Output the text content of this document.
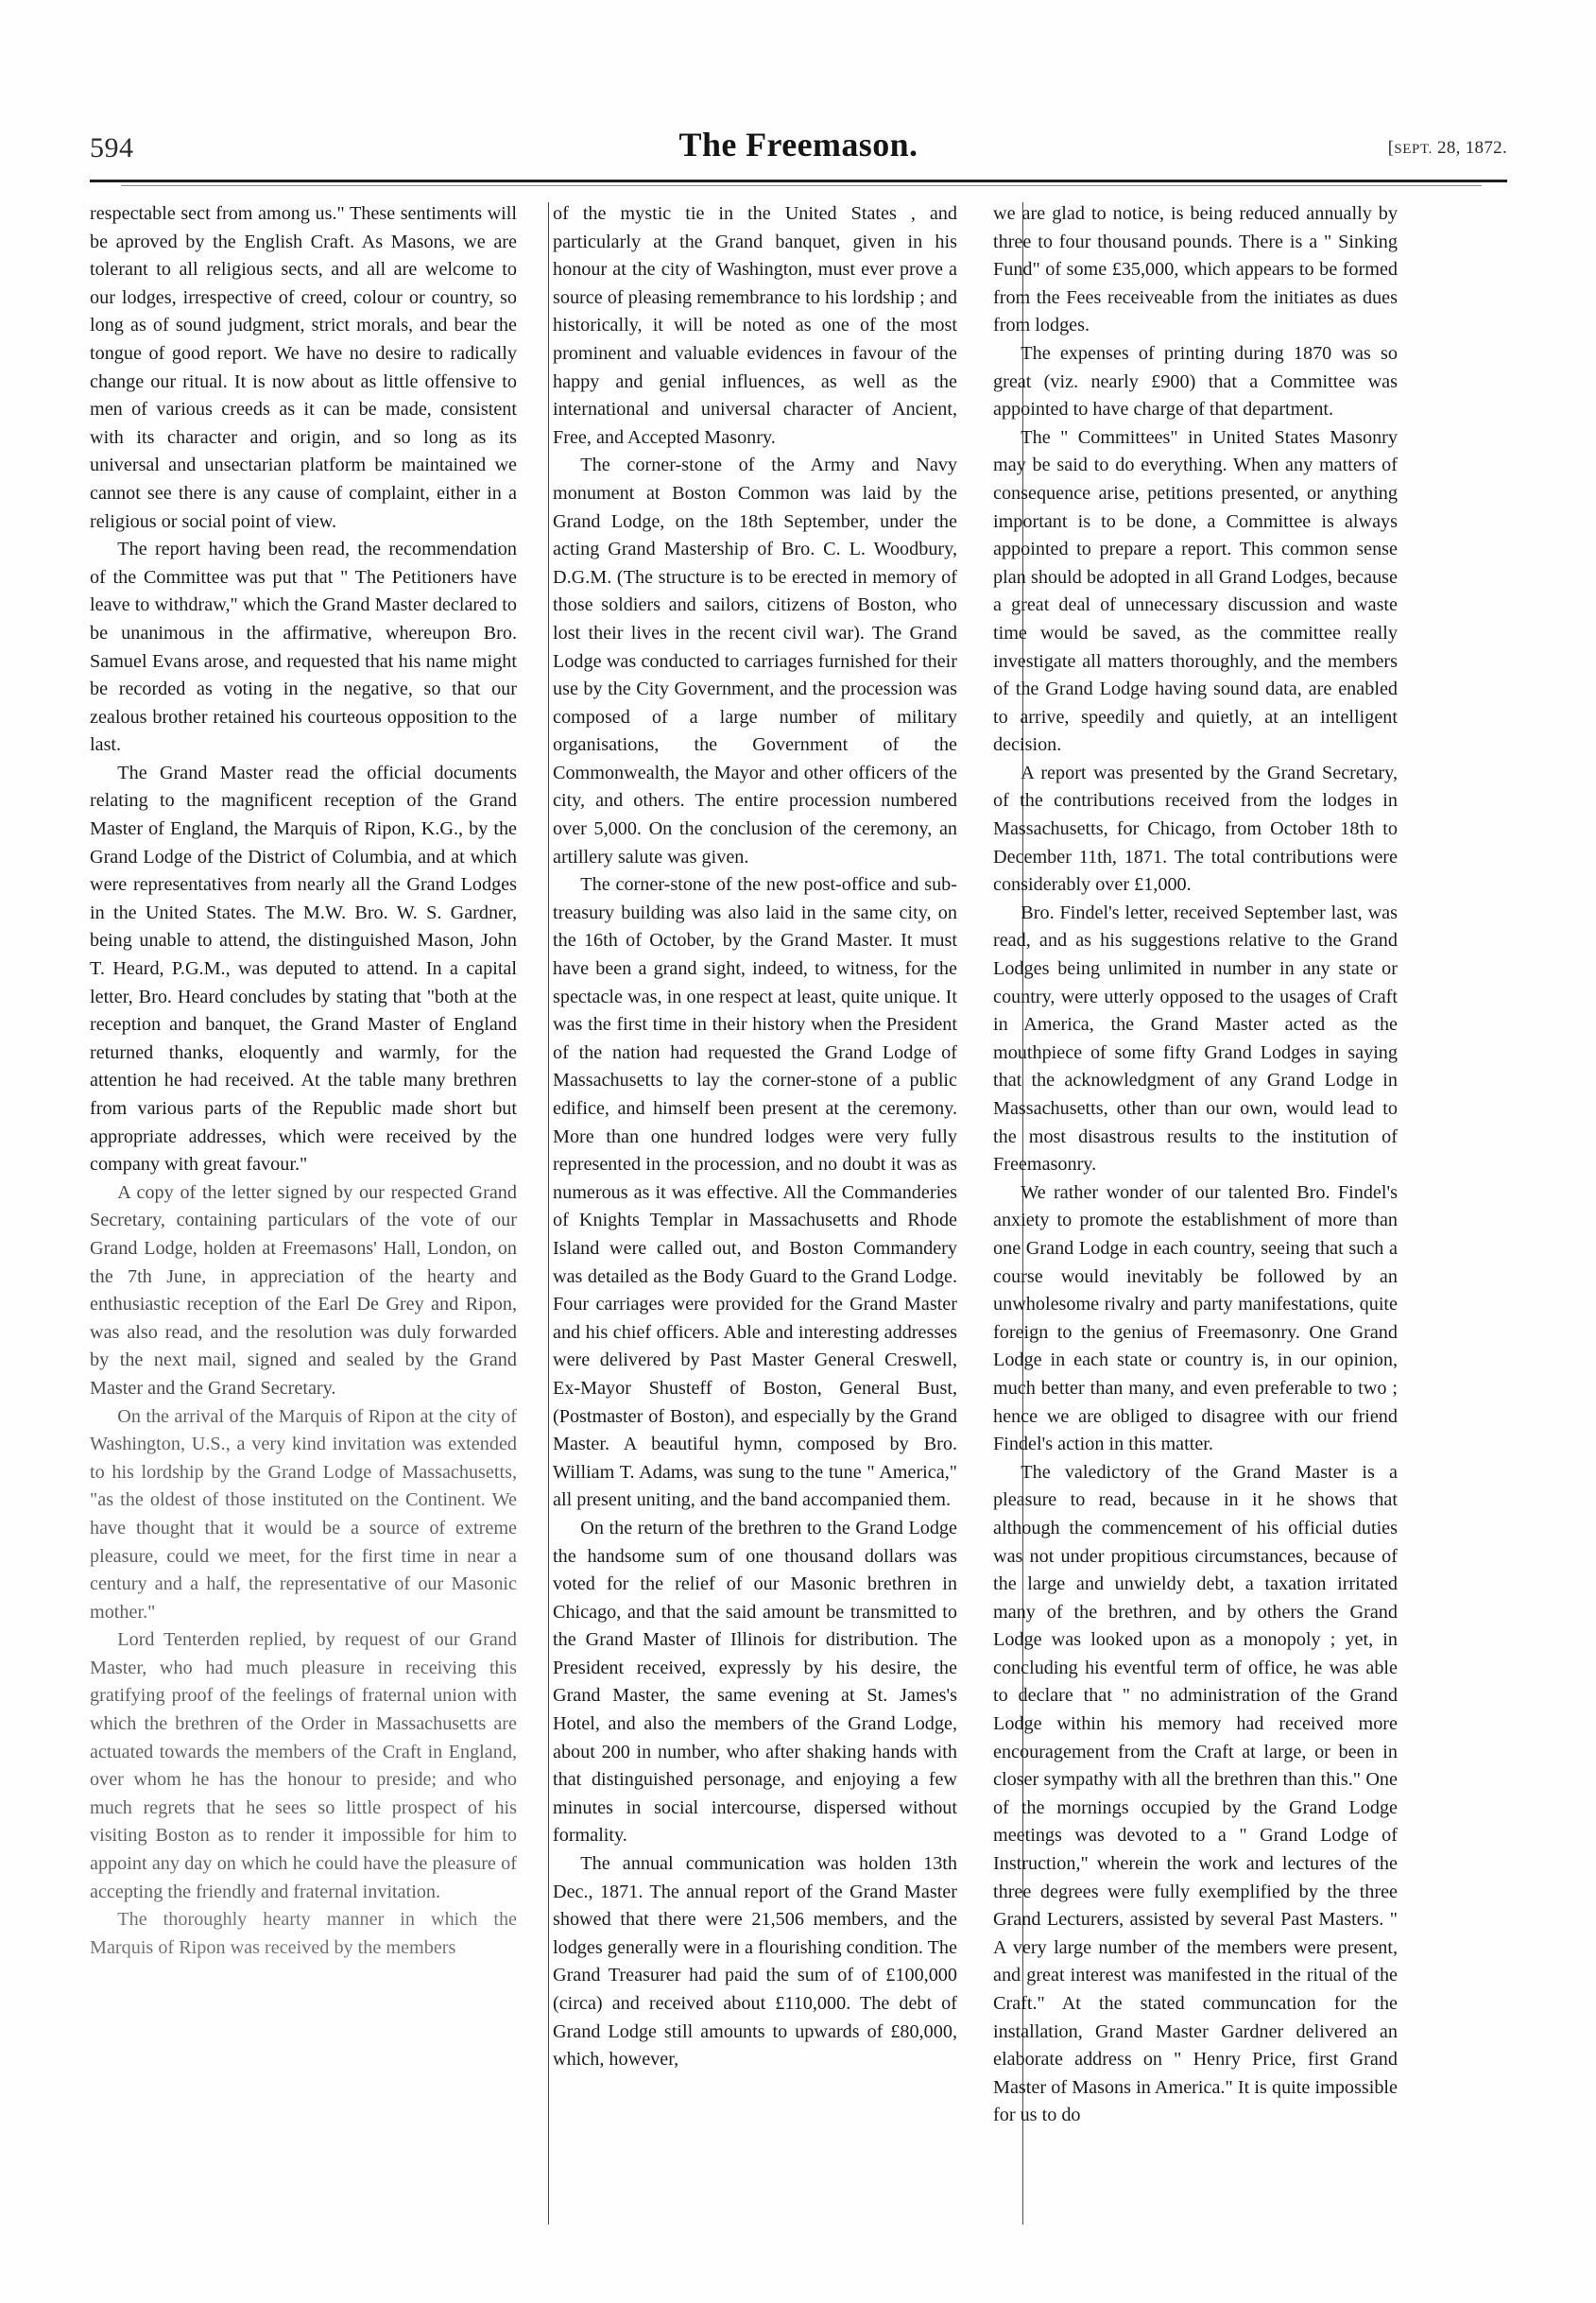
594	The Freemason.	[SEPT. 28, 1872.

respectable sect from among us." These sentiments will be aproved by the English Craft. As Masons, we are tolerant to all religious sects, and all are welcome to our lodges, irrespective of creed, colour or country, so long as of sound judgment, strict morals, and bear the tongue of good report. We have no desire to radically change our ritual. It is now about as little offensive to men of various creeds as it can be made, consistent with its character and origin, and so long as its universal and unsectarian platform be maintained we cannot see there is any cause of complaint, either in a religious or social point of view.

The report having been read, the recommendation of the Committee was put that " The Petitioners have leave to withdraw," which the Grand Master declared to be unanimous in the affirmative, whereupon Bro. Samuel Evans arose, and requested that his name might be recorded as voting in the negative, so that our zealous brother retained his courteous opposition to the last.

The Grand Master read the official documents relating to the magnificent reception of the Grand Master of England, the Marquis of Ripon, K.G., by the Grand Lodge of the District of Columbia, and at which were representatives from nearly all the Grand Lodges in the United States. The M.W. Bro. W. S. Gardner, being unable to attend, the distinguished Mason, John T. Heard, P.G.M., was deputed to attend. In a capital letter, Bro. Heard concludes by stating that "both at the reception and banquet, the Grand Master of England returned thanks, eloquently and warmly, for the attention he had received. At the table many brethren from various parts of the Republic made short but appropriate addresses, which were received by the company with great favour."

A copy of the letter signed by our respected Grand Secretary, containing particulars of the vote of our Grand Lodge, holden at Freemasons' Hall, London, on the 7th June, in appreciation of the hearty and enthusiastic reception of the Earl De Grey and Ripon, was also read, and the resolution was duly forwarded by the next mail, signed and sealed by the Grand Master and the Grand Secretary.

On the arrival of the Marquis of Ripon at the city of Washington, U.S., a very kind invitation was extended to his lordship by the Grand Lodge of Massachusetts, "as the oldest of those instituted on the Continent. We have thought that it would be a source of extreme pleasure, could we meet, for the first time in near a century and a half, the representative of our Masonic mother."

Lord Tenterden replied, by request of our Grand Master, who had much pleasure in receiving this gratifying proof of the feelings of fraternal union with which the brethren of the Order in Massachusetts are actuated towards the members of the Craft in England, over whom he has the honour to preside; and who much regrets that he sees so little prospect of his visiting Boston as to render it impossible for him to appoint any day on which he could have the pleasure of accepting the friendly and fraternal invitation.

The thoroughly hearty manner in which the Marquis of Ripon was received by the members

of the mystic tie in the United States , and particularly at the Grand banquet, given in his honour at the city of Washington, must ever prove a source of pleasing remembrance to his lordship ; and historically, it will be noted as one of the most prominent and valuable evidences in favour of the happy and genial influences, as well as the international and universal character of Ancient, Free, and Accepted Masonry.

The corner-stone of the Army and Navy monument at Boston Common was laid by the Grand Lodge, on the 18th September, under the acting Grand Mastership of Bro. C. L. Woodbury, D.G.M. (The structure is to be erected in memory of those soldiers and sailors, citizens of Boston, who lost their lives in the recent civil war). The Grand Lodge was conducted to carriages furnished for their use by the City Government, and the procession was composed of a large number of military organisations, the Government of the Commonwealth, the Mayor and other officers of the city, and others. The entire procession numbered over 5,000. On the conclusion of the ceremony, an artillery salute was given.

The corner-stone of the new post-office and sub-treasury building was also laid in the same city, on the 16th of October, by the Grand Master. It must have been a grand sight, indeed, to witness, for the spectacle was, in one respect at least, quite unique. It was the first time in their history when the President of the nation had requested the Grand Lodge of Massachusetts to lay the corner-stone of a public edifice, and himself been present at the ceremony. More than one hundred lodges were very fully represented in the procession, and no doubt it was as numerous as it was effective. All the Commanderies of Knights Templar in Massachusetts and Rhode Island were called out, and Boston Commandery was detailed as the Body Guard to the Grand Lodge. Four carriages were provided for the Grand Master and his chief officers. Able and interesting addresses were delivered by Past Master General Creswell, Ex-Mayor Shusteff of Boston, General Bust, (Postmaster of Boston), and especially by the Grand Master. A beautiful hymn, composed by Bro. William T. Adams, was sung to the tune " America," all present uniting, and the band accompanied them.

On the return of the brethren to the Grand Lodge the handsome sum of one thousand dollars was voted for the relief of our Masonic brethren in Chicago, and that the said amount be transmitted to the Grand Master of Illinois for distribution. The President received, expressly by his desire, the Grand Master, the same evening at St. James's Hotel, and also the members of the Grand Lodge, about 200 in number, who after shaking hands with that distinguished personage, and enjoying a few minutes in social intercourse, dispersed without formality.

The annual communication was holden 13th Dec., 1871. The annual report of the Grand Master showed that there were 21,506 members, and the lodges generally were in a flourishing condition. The Grand Treasurer had paid the sum of of £100,000 (circa) and received about £110,000. The debt of Grand Lodge still amounts to upwards of £80,000, which, however,

we are glad to notice, is being reduced annually by three to four thousand pounds. There is a " Sinking Fund" of some £35,000, which appears to be formed from the Fees receiveable from the initiates as dues from lodges.

The expenses of printing during 1870 was so great (viz. nearly £900) that a Committee was appointed to have charge of that department.

The " Committees" in United States Masonry may be said to do everything. When any matters of consequence arise, petitions presented, or anything important is to be done, a Committee is always appointed to prepare a report. This common sense plan should be adopted in all Grand Lodges, because a great deal of unnecessary discussion and waste time would be saved, as the committee really investigate all matters thoroughly, and the members of the Grand Lodge having sound data, are enabled to arrive, speedily and quietly, at an intelligent decision.

A report was presented by the Grand Secretary, of the contributions received from the lodges in Massachusetts, for Chicago, from October 18th to December 11th, 1871. The total contributions were considerably over £1,000.

Bro. Findel's letter, received September last, was read, and as his suggestions relative to the Grand Lodges being unlimited in number in any state or country, were utterly opposed to the usages of Craft in America, the Grand Master acted as the mouthpiece of some fifty Grand Lodges in saying that the acknowledgment of any Grand Lodge in Massachusetts, other than our own, would lead to the most disastrous results to the institution of Freemasonry.

We rather wonder of our talented Bro. Findel's anxiety to promote the establishment of more than one Grand Lodge in each country, seeing that such a course would inevitably be followed by an unwholesome rivalry and party manifestations, quite foreign to the genius of Freemasonry. One Grand Lodge in each state or country is, in our opinion, much better than many, and even preferable to two ; hence we are obliged to disagree with our friend Findel's action in this matter.

The valedictory of the Grand Master is a pleasure to read, because in it he shows that although the commencement of his official duties was not under propitious circumstances, because of the large and unwieldy debt, a taxation irritated many of the brethren, and by others the Grand Lodge was looked upon as a monopoly ; yet, in concluding his eventful term of office, he was able to declare that " no administration of the Grand Lodge within his memory had received more encouragement from the Craft at large, or been in closer sympathy with all the brethren than this." One of the mornings occupied by the Grand Lodge meetings was devoted to a " Grand Lodge of Instruction," wherein the work and lectures of the three degrees were fully exemplified by the three Grand Lecturers, assisted by several Past Masters. " A very large number of the members were present, and great interest was manifested in the ritual of the Craft." At the stated communcation for the installation, Grand Master Gardner delivered an elaborate address on " Henry Price, first Grand Master of Masons in America." It is quite impossible for us to do
